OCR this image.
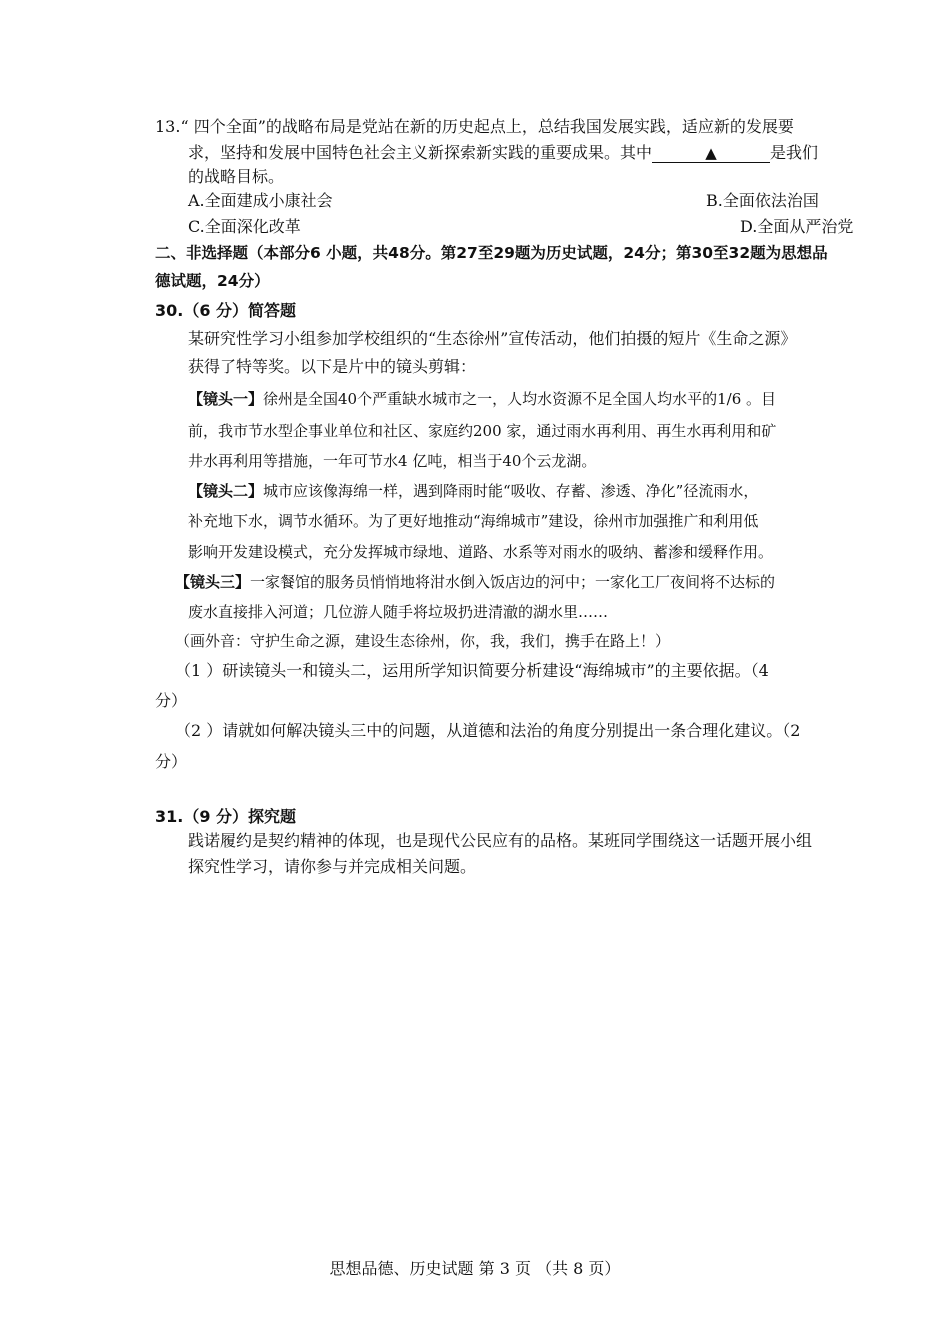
13.“ 四个全面”的战略布局是党站在新的历史起点上，总结我国发展实践，适应新的发展要
求，坚持和发展中国特色社会主义新探索新实践的重要成果。其中	▲	是我们
的战略目标。
A.全面建成小康社会	B.全面依法治国
C.全面深化改革	D.全面从严治党
二、非选择题（本部分6 小题，共48分。第27至29题为历史试题，24分；第30至32题为思想品
德试题，24分）
30.（6 分）简答题
某研究性学习小组参加学校组织的“生态徐州”宣传活动，他们拍摄的短片《生命之源》
获得了特等奖。以下是片中的镜头剪辑：
【镜头一】徐州是全国40个严重缺水城市之一，人均水资源不足全国人均水平的1/6 。目
前，我市节水型企事业单位和社区、家庭约200 家，通过雨水再利用、再生水再利用和矿
井水再利用等措施，一年可节水4 亿吨，相当于40个云龙湖。
【镜头二】城市应该像海绵一样，遇到降雨时能“吸收、存蓄、渗透、净化”径流雨水，
补充地下水，调节水循环。为了更好地推动“海绵城市”建设，徐州市加强推广和利用低
影响开发建设模式，充分发挥城市绿地、道路、水系等对雨水的吸纳、蓄渗和缓释作用。
【镜头三】一家餐馆的服务员悄悄地将泔水倒入饭店边的河中；一家化工厂夜间将不达标的
废水直接排入河道；几位游人随手将垃圾扔进清澈的湖水里……
（画外音：守护生命之源，建设生态徐州，你，我，我们，携手在路上！）
（1 ）研读镜头一和镜头二，运用所学知识简要分析建设“海绵城市”的主要依据。（4
分）
（2 ）请就如何解决镜头三中的问题，从道德和法治的角度分别提出一条合理化建议。（2
分）
31.（9 分）探究题
践诺履约是契约精神的体现，也是现代公民应有的品格。某班同学围绕这一话题开展小组
探究性学习，请你参与并完成相关问题。
思想品德、历史试题 第 3 页 （共 8 页）
